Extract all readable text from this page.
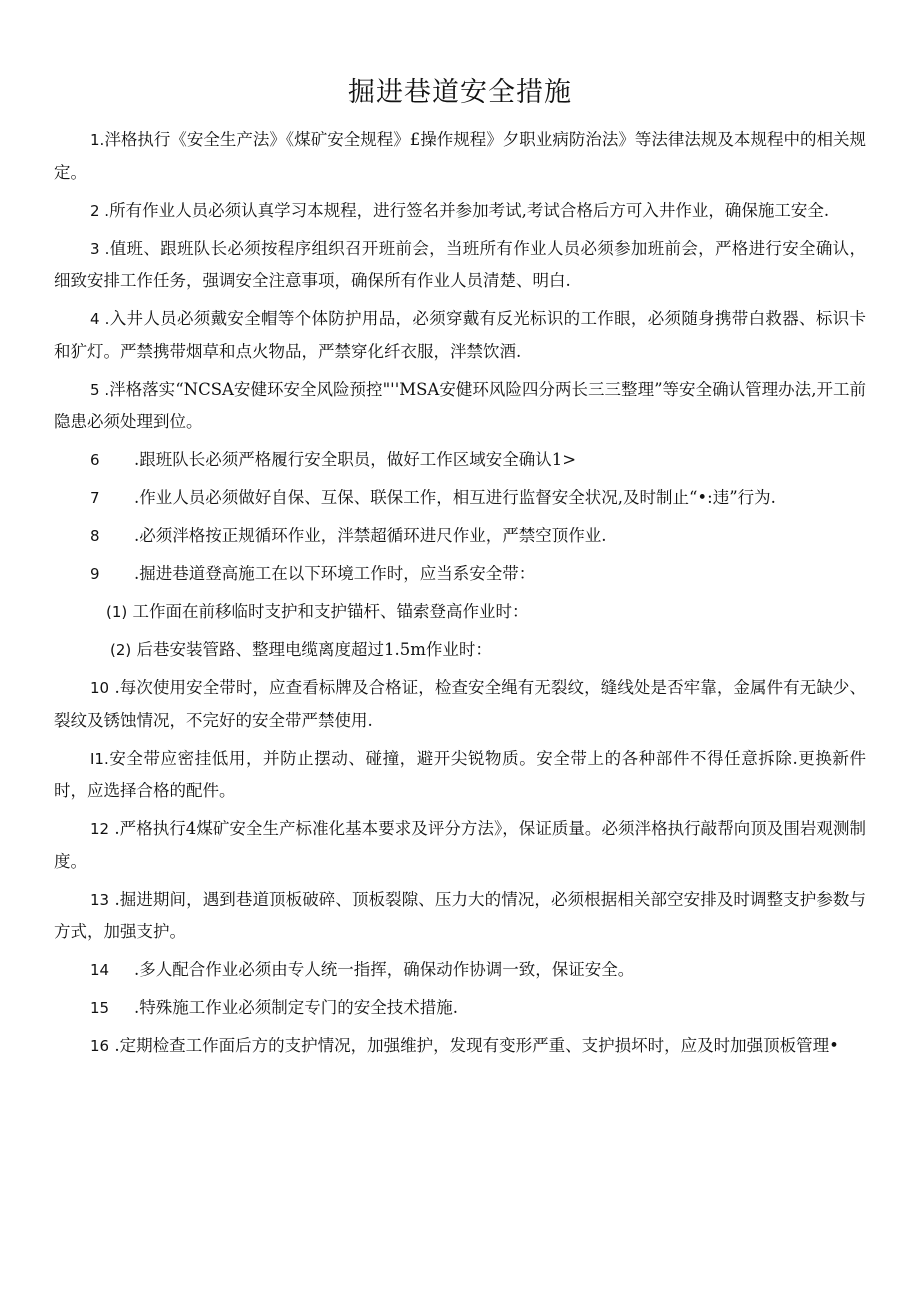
掘进巷道安全措施

1.泮格执行《安全生产法》《煤矿安全规程》£操作规程》夕职业病防治法》等法律法规及本规程中的相关规定。

2 .所有作业人员必须认真学习本规程，进行签名并参加考试,考试合格后方可入井作业，确保施工安全.

3 .值班、跟班队长必须按程序组织召开班前会，当班所有作业人员必须参加班前会，严格进行安全确认，细致安排工作任务，强调安全注意事项，确保所有作业人员清楚、明白.

4 .入井人员必须戴安全帽等个体防护用品，必须穿戴有反光标识的工作眼，必须随身携带白救器、标识卡和犷灯。严禁携带烟草和点火物品，严禁穿化纤衣服，泮禁饮酒.

5 .泮格落实“NCSA安健环安全风险预控"''MSA安健环风险四分两长三三整理”等安全确认管理办法,开工前隐患必须处理到位。

6 .跟班队长必须严格履行安全职员，做好工作区域安全确认1>

7 .作业人员必须做好自保、互保、联保工作，相互进行监督安全状况,及时制止“•:违”行为.

8 .必须泮格按正规循环作业，泮禁超循环进尺作业，严禁空顶作业.

9 .掘进巷道登高施工在以下环境工作时，应当系安全带：

(1) 工作面在前移临时支护和支护锚杆、锚索登高作业时：

(2) 后巷安装管路、整理电缆离度超过1.5m作业时：

10 .每次使用安全带时，应查看标牌及合格证，检查安全绳有无裂纹，缝线处是否牢靠，金属件有无缺少、裂纹及锈蚀情况，不完好的安全带严禁使用.

I1.安全带应密挂低用，并防止摆动、碰撞，避开尖锐物质。安全带上的各种部件不得任意拆除.更换新件时，应选择合格的配件。

12 .严格执行4煤矿安全生产标准化基本要求及评分方法》，保证质量。必须泮格执行敲帮向顶及围岩观测制度。

13 .掘进期间，遇到巷道顶板破碎、顶板裂隙、压力大的情况，必须根据相关部空安排及时调整支护参数与方式，加强支护。

14 .多人配合作业必须由专人统一指挥，确保动作协调一致，保证安全。

15 .特殊施工作业必须制定专门的安全技术措施.

16 .定期检查工作面后方的支护情况，加强维护，发现有变形严重、支护损坏时，应及时加强顶板管理•
